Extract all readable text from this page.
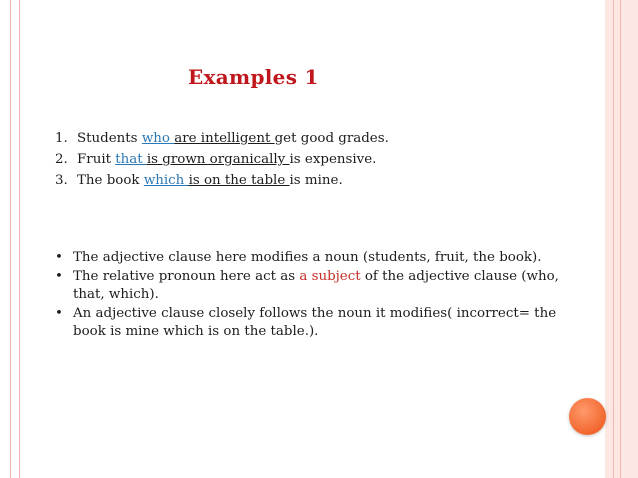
Examples 1
1. Students who are intelligent get good grades.
2. Fruit that is grown organically is expensive.
3. The book which is on the table is mine.
• The adjective clause here modifies a noun (students, fruit, the book).
• The relative pronoun here act as a subject of the adjective clause (who, that, which).
• An adjective clause closely follows the noun it modifies( incorrect= the book is mine which is on the table.).
